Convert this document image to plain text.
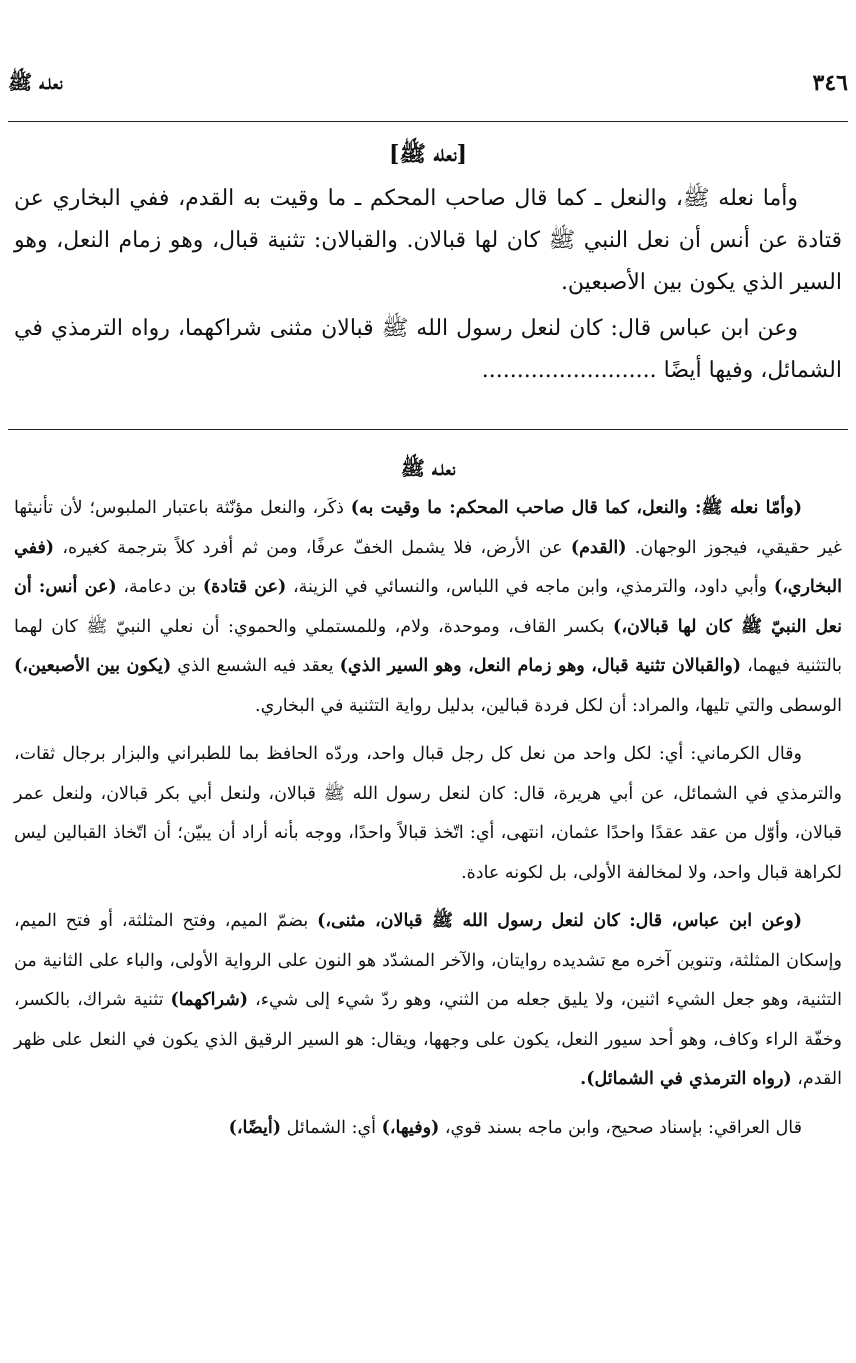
٣٤٦
نعلـه ﷺ
[نعله ﷺ]

وأما نعله ﷺ، والنعل ـ كما قال صاحب المحكم ـ ما وقيت به القدم، ففي البخاري عن قتادة عن أنس أن نعل النبي ﷺ كان لها قبالان. والقبالان: تثنية قبال، وهو زمام النعل، وهو السير الذي يكون بين الأصبعين.

وعن ابن عباس قال: كان لنعل رسول الله ﷺ قبالان مثنى شراكهما، رواه الترمذي في الشمائل، وفيها أيضًا .........................

نعلـه ﷺ

(وأمّا نعله ﷺ: والنعل، كما قال صاحب المحكم: ما وقيت به) ذكَر، والنعل مؤنّثة باعتبار الملبوس؛ لأن تأنيثها غير حقيقي، فيجوز الوجهان. (القدم) عن الأرض، فلا يشمل الخفّ عرفًا، ومن ثم أفرد كلاً بترجمة كغيره، (ففي البخاري،) وأبي داود، والترمذي، وابن ماجه في اللباس، والنسائي في الزينة، (عن قتادة) بن دعامة، (عن أنس: أن نعل النبيّ ﷺ كان لها قبالان،) بكسر القاف، وموحدة، ولام، وللمستملي والحموي: أن نعلي النبيّ ﷺ كان لهما بالتثنية فيهما، (والقبالان تثنية قبال، وهو زمام النعل، وهو السير الذي) يعقد فيه الشسع الذي (يكون بين الأصبعين،) الوسطى والتي تليها، والمراد: أن لكل فردة قبالين، بدليل رواية التثنية في البخاري.

وقال الكرماني: أي: لكل واحد من نعل كل رجل قبال واحد، وردّه الحافظ بما للطبراني والبزار برجال ثقات، والترمذي في الشمائل، عن أبي هريرة، قال: كان لنعل رسول الله ﷺ قبالان، ولنعل أبي بكر قبالان، ولنعل عمر قبالان، وأوّل من عقد عقدًا واحدًا عثمان، انتهى، أي: اتّخذ قبالاً واحدًا، ووجه بأنه أراد أن يبيّن؛ أن اتّخاذ القبالين ليس لكراهة قبال واحد، ولا لمخالفة الأولى، بل لكونه عادة.

(وعن ابن عباس، قال: كان لنعل رسول الله ﷺ قبالان، مثنى،) بضمّ الميم، وفتح المثلثة، أو فتح الميم، وإسكان المثلثة، وتنوين آخره مع تشديده روايتان، والآخر المشدّد هو النون على الرواية الأولى، والباء على الثانية من التثنية، وهو جعل الشيء اثنين، ولا يليق جعله من الثني، وهو ردّ شيء إلى شيء، (شراكهما) تثنية شراك، بالكسر، وخفّة الراء وكاف، وهو أحد سيور النعل، يكون على وجهها، ويقال: هو السير الرقيق الذي يكون في النعل على ظهر القدم، (رواه الترمذي في الشمائل).

قال العراقي: بإسناد صحيح، وابن ماجه بسند قوي، (وفيها،) أي: الشمائل (أيضًا،)
